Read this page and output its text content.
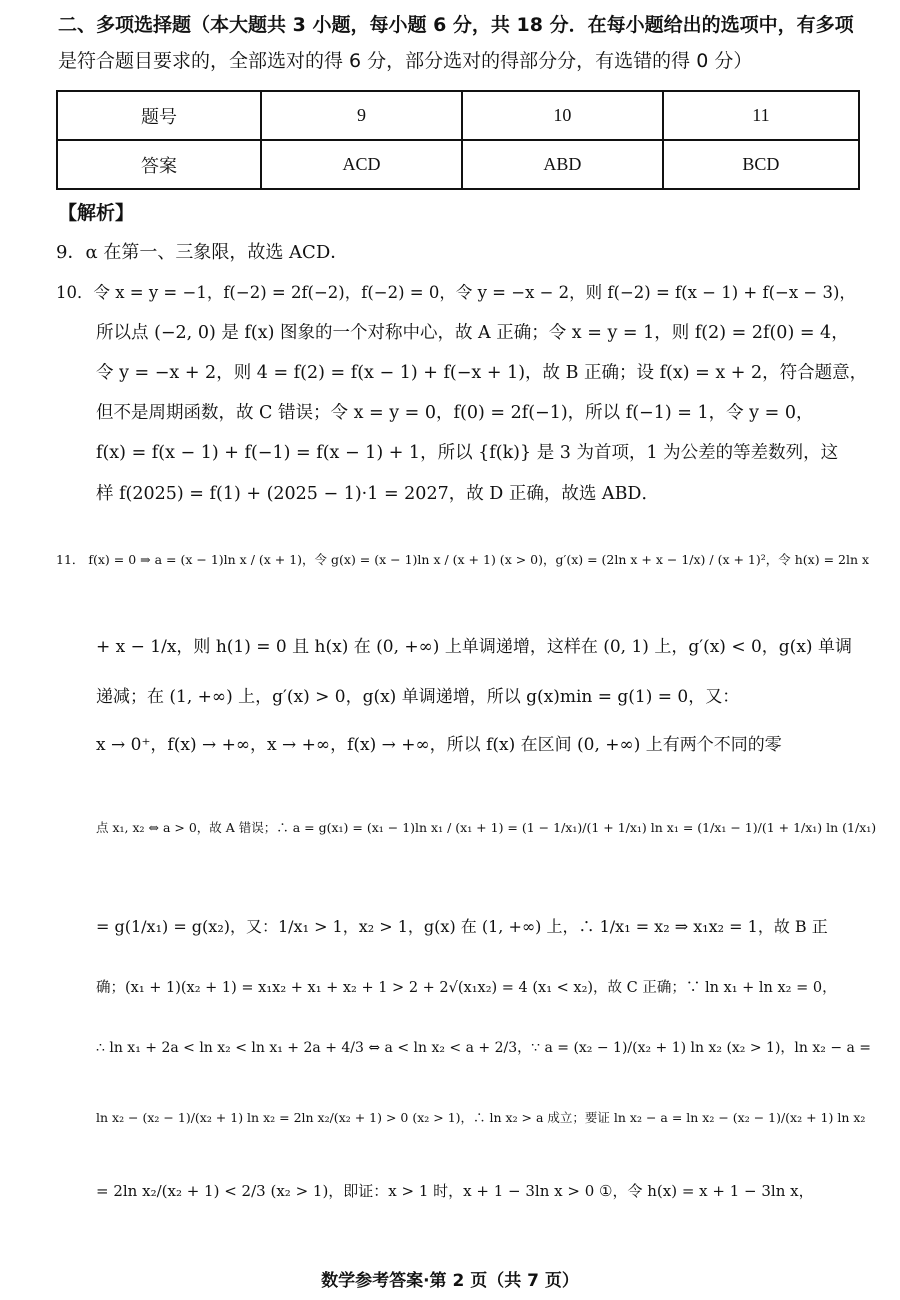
二、多项选择题（本大题共 3 小题，每小题 6 分，共 18 分．在每小题给出的选项中，有多项
是符合题目要求的，全部选对的得 6 分，部分选对的得部分分，有选错的得 0 分）
题号	9	10	11
答案	ACD	ABD	BCD
【解析】
9．α 在第一、三象限，故选 ACD．
10．令 x = y = −1，f(−2) = 2f(−2)，f(−2) = 0，令 y = −x − 2，则 f(−2) = f(x − 1) + f(−x − 3)，
所以点 (−2, 0) 是 f(x) 图象的一个对称中心，故 A 正确；令 x = y = 1，则 f(2) = 2f(0) = 4，
令 y = −x + 2，则 4 = f(2) = f(x − 1) + f(−x + 1)，故 B 正确；设 f(x) = x + 2，符合题意，
但不是周期函数，故 C 错误；令 x = y = 0，f(0) = 2f(−1)，所以 f(−1) = 1，令 y = 0，
f(x) = f(x − 1) + f(−1) = f(x − 1) + 1，所以 {f(k)} 是 3 为首项，1 为公差的等差数列，这
样 f(2025) = f(1) + (2025 − 1)·1 = 2027，故 D 正确，故选 ABD．
11． f(x) = 0 ⇒ a = (x − 1)ln x / (x + 1)，令 g(x) = (x − 1)ln x / (x + 1) (x > 0)，g′(x) = (2ln x + x − 1/x) / (x + 1)²，令 h(x) = 2ln x
+ x − 1/x，则 h(1) = 0 且 h(x) 在 (0, +∞) 上单调递增，这样在 (0, 1) 上，g′(x) < 0，g(x) 单调
递减；在 (1, +∞) 上，g′(x) > 0，g(x) 单调递增，所以 g(x)min = g(1) = 0，又：
x → 0⁺，f(x) → +∞，x → +∞，f(x) → +∞，所以 f(x) 在区间 (0, +∞) 上有两个不同的零
点 x₁, x₂ ⇔ a > 0，故 A 错误；∴ a = g(x₁) = (x₁ − 1)ln x₁ / (x₁ + 1) = (1 − 1/x₁)/(1 + 1/x₁) ln x₁ = (1/x₁ − 1)/(1 + 1/x₁) ln (1/x₁)
= g(1/x₁) = g(x₂)，又：1/x₁ > 1，x₂ > 1，g(x) 在 (1, +∞) 上，∴ 1/x₁ = x₂ ⇒ x₁x₂ = 1，故 B 正
确；(x₁ + 1)(x₂ + 1) = x₁x₂ + x₁ + x₂ + 1 > 2 + 2√(x₁x₂) = 4 (x₁ < x₂)，故 C 正确；∵ ln x₁ + ln x₂ = 0，
∴ ln x₁ + 2a < ln x₂ < ln x₁ + 2a + 4/3 ⇔ a < ln x₂ < a + 2/3，∵ a = (x₂ − 1)/(x₂ + 1) ln x₂ (x₂ > 1)，ln x₂ − a =
ln x₂ − (x₂ − 1)/(x₂ + 1) ln x₂ = 2ln x₂/(x₂ + 1) > 0 (x₂ > 1)，∴ ln x₂ > a 成立；要证 ln x₂ − a = ln x₂ − (x₂ − 1)/(x₂ + 1) ln x₂
= 2ln x₂/(x₂ + 1) < 2/3 (x₂ > 1)，即证：x > 1 时，x + 1 − 3ln x > 0 ①，令 h(x) = x + 1 − 3ln x，
数学参考答案·第 2 页（共 7 页）
